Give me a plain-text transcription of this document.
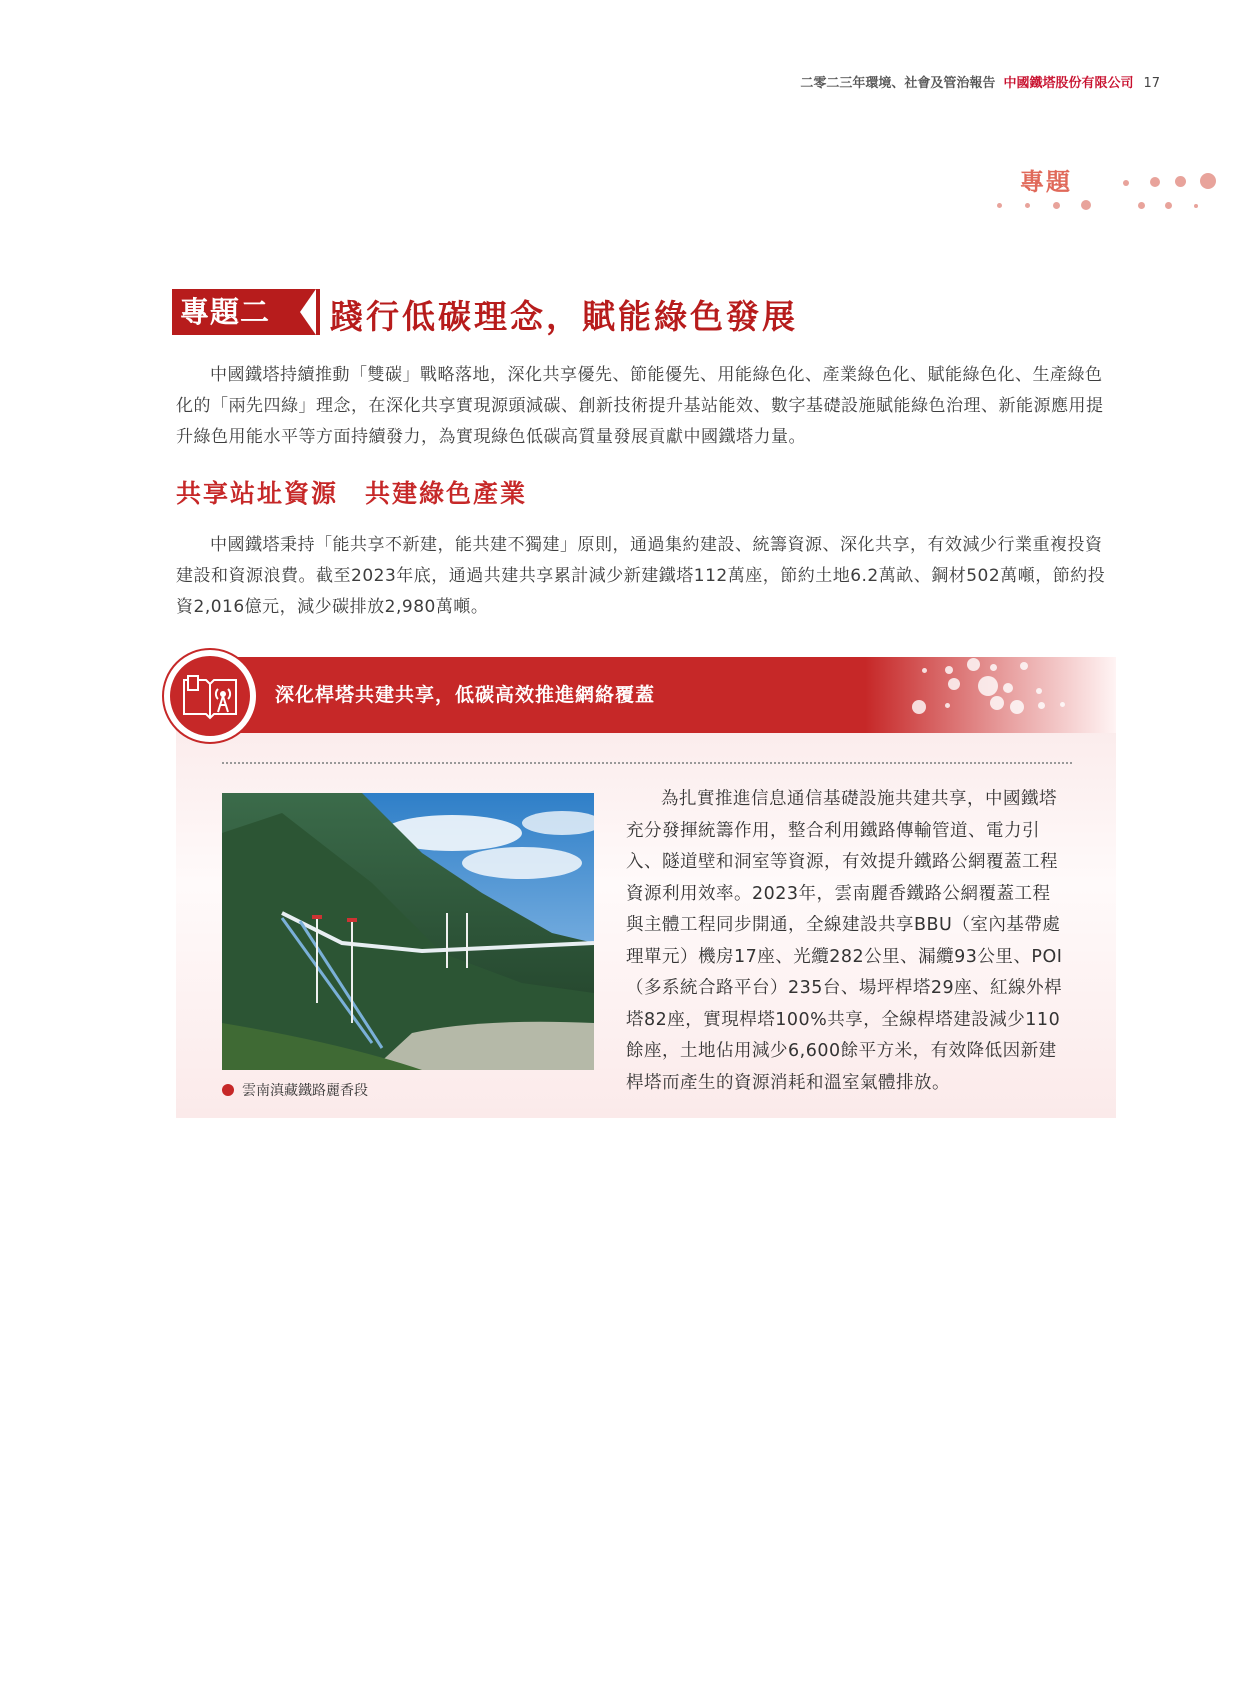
二零二三年環境、社會及管治報告 中國鐵塔股份有限公司 17
專題
專題二	踐行低碳理念，賦能綠色發展
中國鐵塔持續推動「雙碳」戰略落地，深化共享優先、節能優先、用能綠色化、產業綠色化、賦能綠色化、生產綠色化的「兩先四綠」理念，在深化共享實現源頭減碳、創新技術提升基站能效、數字基礎設施賦能綠色治理、新能源應用提升綠色用能水平等方面持續發力，為實現綠色低碳高質量發展貢獻中國鐵塔力量。
共享站址資源　共建綠色產業
中國鐵塔秉持「能共享不新建，能共建不獨建」原則，通過集約建設、統籌資源、深化共享，有效減少行業重複投資建設和資源浪費。截至2023年底，通過共建共享累計減少新建鐵塔112萬座，節約土地6.2萬畝、鋼材502萬噸，節約投資2,016億元，減少碳排放2,980萬噸。
深化桿塔共建共享，低碳高效推進網絡覆蓋
雲南滇藏鐵路麗香段
為扎實推進信息通信基礎設施共建共享，中國鐵塔充分發揮統籌作用，整合利用鐵路傳輸管道、電力引入、隧道壁和洞室等資源，有效提升鐵路公網覆蓋工程資源利用效率。2023年，雲南麗香鐵路公網覆蓋工程與主體工程同步開通，全線建設共享BBU（室內基帶處理單元）機房17座、光纜282公里、漏纜93公里、POI（多系統合路平台）235台、場坪桿塔29座、紅線外桿塔82座，實現桿塔100%共享，全線桿塔建設減少110餘座，土地佔用減少6,600餘平方米，有效降低因新建桿塔而產生的資源消耗和溫室氣體排放。
